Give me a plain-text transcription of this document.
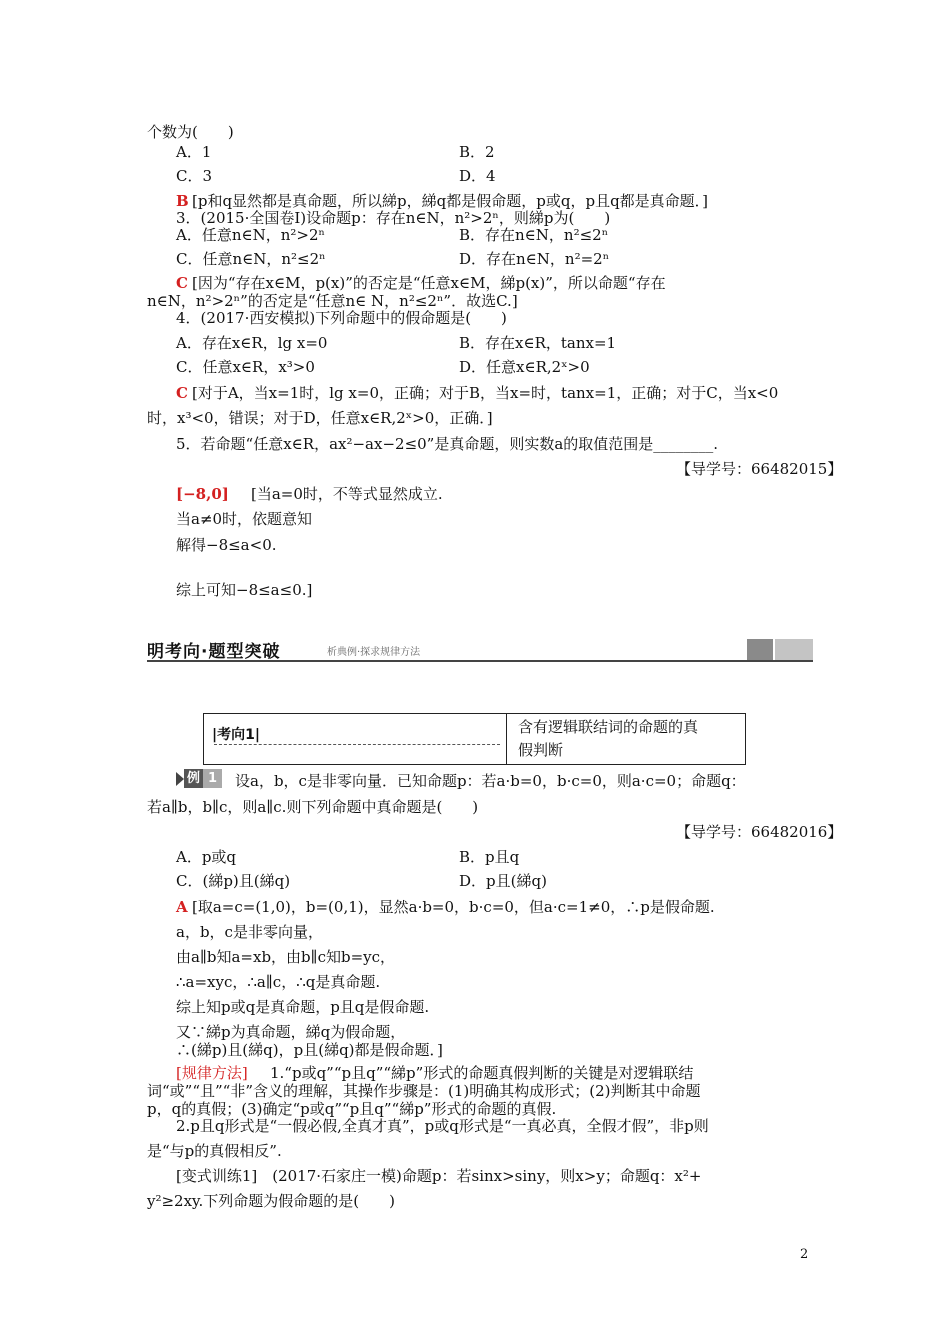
个数为(　　)
A．1	B．2
C．3	D．4
[p和q显然都是真命题，所以綈p，綈q都是假命题，p或q，p且q都是真命题．]
3．(2015·全国卷Ⅰ)设命题p：存在n∈N，n²>2ⁿ，则綈p为(　　)
A．任意n∈N，n²>2ⁿ	B．存在n∈N，n²≤2ⁿ
C．任意n∈N，n²≤2ⁿ	D．存在n∈N，n²=2ⁿ
[因为“存在x∈M，p(x)”的否定是“任意x∈M，綈p(x)”，所以命题“存在
n∈N，n²>2ⁿ”的否定是“任意n∈ N，n²≤2ⁿ”．故选C.]
4．(2017·西安模拟)下列命题中的假命题是(　　)
A．存在x∈R，lg x=0	B．存在x∈R，tanx=1
C．任意x∈R，x³>0	D．任意x∈R,2ˣ>0
[对于A，当x=1时，lg x=0，正确；对于B，当x=时，tanx=1，正确；对于C，当x<0
时，x³<0，错误；对于D，任意x∈R,2ˣ>0，正确．]
5．若命题“任意x∈R，ax²−ax−2≤0”是真命题，则实数a的取值范围是________.
【导学号：66482015】
[当a=0时，不等式显然成立.
当a≠0时，依题意知
解得−8≤a<0.
综上可知−8≤a≤0.]
设a，b，c是非零向量．已知命题p：若a·b=0，b·c=0，则a·c=0；命题q：
若a∥b，b∥c，则a∥c.则下列命题中真命题是(　　)
【导学号：66482016】
A．p或q	B．p且q
C．(綈p)且(綈q)	D．p且(綈q)
[取a=c=(1,0)，b=(0,1)，显然a·b=0，b·c=0，但a·c=1≠0，∴p是假命题.
a，b，c是非零向量，
由a∥b知a=xb，由b∥c知b=yc，
∴a=xyc，∴a∥c，∴q是真命题.
综上知p或q是真命题，p且q是假命题.
又∵綈p为真命题，綈q为假命题，
∴(綈p)且(綈q)，p且(綈q)都是假命题．]
1.“p或q”“p且q”“綈p”形式的命题真假判断的关键是对逻辑联结
词“或”“且”“非”含义的理解，其操作步骤是：(1)明确其构成形式；(2)判断其中命题
p，q的真假；(3)确定“p或q”“p且q”“綈p”形式的命题的真假.
2.p且q形式是“一假必假,全真才真”，p或q形式是“一真必真，全假才假”，非p则
是“与p的真假相反”.
[变式训练1]　(2017·石家庄一模)命题p：若sinx>siny，则x>y；命题q：x²+
y²≥2xy.下列命题为假命题的是(　　)
B
C
C
[−8,0]
A
[规律方法]
明考向·题型突破	析典例·探求规律方法
|考向1|	含有逻辑联结词的命题的真
假判断
例 1
2
